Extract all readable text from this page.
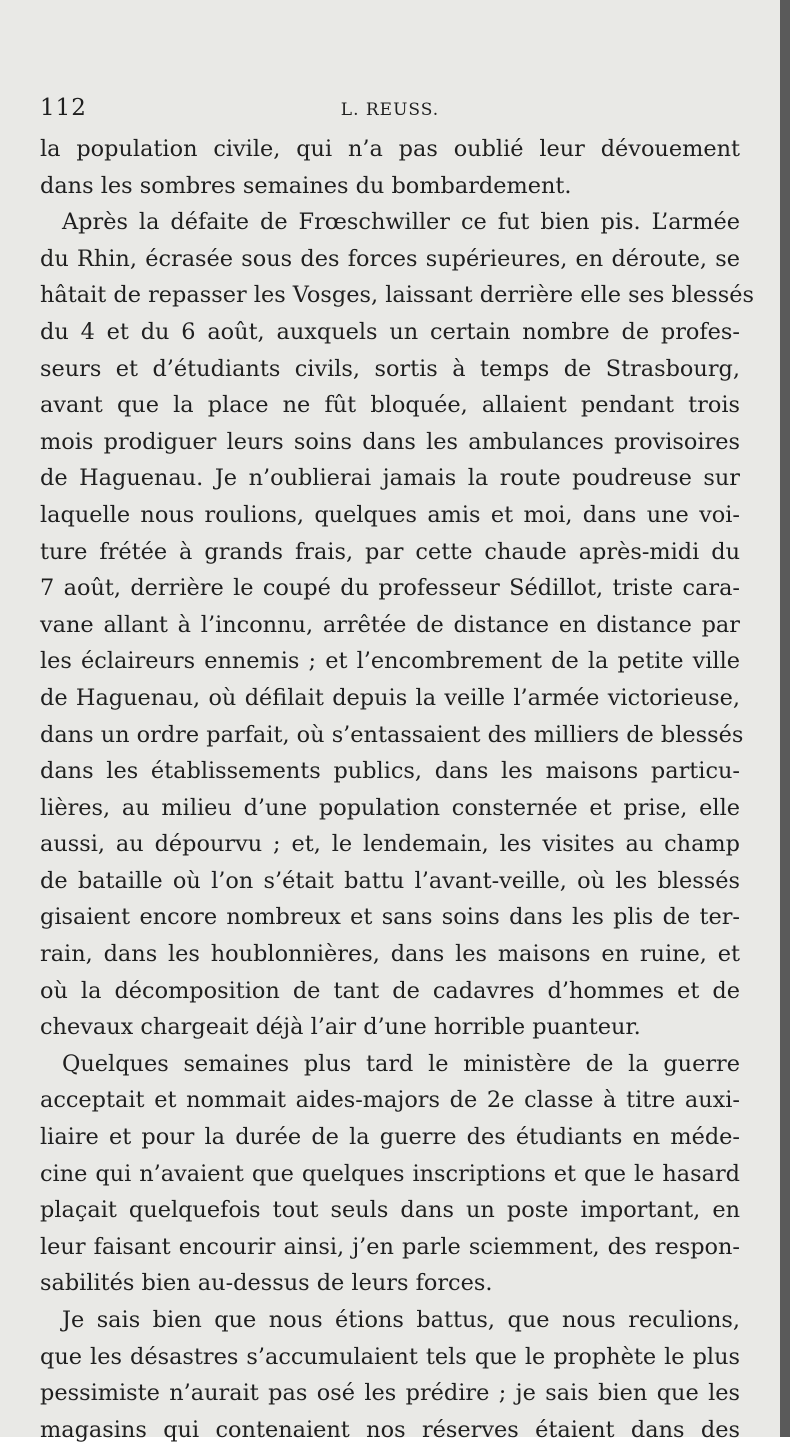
112	L. REUSS.
la population civile, qui n’a pas oublié leur dévouement
dans les sombres semaines du bombardement.
Après la défaite de Frœschwiller ce fut bien pis. L’armée
du Rhin, écrasée sous des forces supérieures, en déroute, se
hâtait de repasser les Vosges, laissant derrière elle ses blessés
du 4 et du 6 août, auxquels un certain nombre de profes-
seurs et d’étudiants civils, sortis à temps de Strasbourg,
avant que la place ne fût bloquée, allaient pendant trois
mois prodiguer leurs soins dans les ambulances provisoires
de Haguenau. Je n’oublierai jamais la route poudreuse sur
laquelle nous roulions, quelques amis et moi, dans une voi-
ture frétée à grands frais, par cette chaude après-midi du
7 août, derrière le coupé du professeur Sédillot, triste cara-
vane allant à l’inconnu, arrêtée de distance en distance par
les éclaireurs ennemis ; et l’encombrement de la petite ville
de Haguenau, où défilait depuis la veille l’armée victorieuse,
dans un ordre parfait, où s’entassaient des milliers de blessés
dans les établissements publics, dans les maisons particu-
lières, au milieu d’une population consternée et prise, elle
aussi, au dépourvu ; et, le lendemain, les visites au champ
de bataille où l’on s’était battu l’avant-veille, où les blessés
gisaient encore nombreux et sans soins dans les plis de ter-
rain, dans les houblonnières, dans les maisons en ruine, et
où la décomposition de tant de cadavres d’hommes et de
chevaux chargeait déjà l’air d’une horrible puanteur.
Quelques semaines plus tard le ministère de la guerre
acceptait et nommait aides-majors de 2e classe à titre auxi-
liaire et pour la durée de la guerre des étudiants en méde-
cine qui n’avaient que quelques inscriptions et que le hasard
plaçait quelquefois tout seuls dans un poste important, en
leur faisant encourir ainsi, j’en parle sciemment, des respon-
sabilités bien au-dessus de leurs forces.
Je sais bien que nous étions battus, que nous reculions,
que les désastres s’accumulaient tels que le prophète le plus
pessimiste n’aurait pas osé les prédire ; je sais bien que les
magasins qui contenaient nos réserves étaient dans des
